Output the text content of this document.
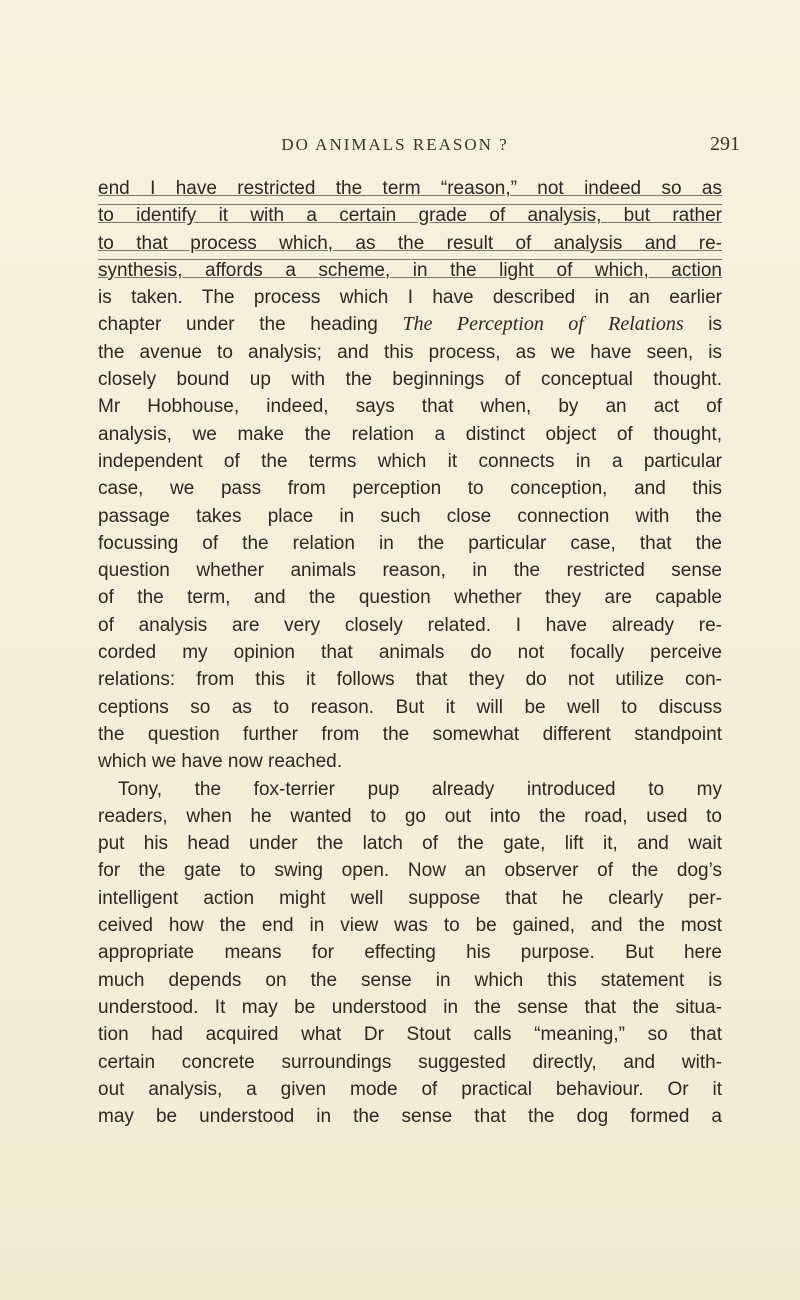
DO ANIMALS REASON ?	291
end I have restricted the term “reason,” not indeed so as
to identify it with a certain grade of analysis, but rather
to that process which, as the result of analysis and re-
synthesis, affords a scheme, in the light of which, action
is taken. The process which I have described in an earlier
chapter under the heading The Perception of Relations is
the avenue to analysis; and this process, as we have seen, is
closely bound up with the beginnings of conceptual thought.
Mr Hobhouse, indeed, says that when, by an act of
analysis, we make the relation a distinct object of thought,
independent of the terms which it connects in a particular
case, we pass from perception to conception, and this
passage takes place in such close connection with the
focussing of the relation in the particular case, that the
question whether animals reason, in the restricted sense
of the term, and the question whether they are capable
of analysis are very closely related. I have already re-
corded my opinion that animals do not focally perceive
relations: from this it follows that they do not utilize con-
ceptions so as to reason. But it will be well to discuss
the question further from the somewhat different standpoint
which we have now reached.
Tony, the fox-terrier pup already introduced to my
readers, when he wanted to go out into the road, used to
put his head under the latch of the gate, lift it, and wait
for the gate to swing open. Now an observer of the dog’s
intelligent action might well suppose that he clearly per-
ceived how the end in view was to be gained, and the most
appropriate means for effecting his purpose. But here
much depends on the sense in which this statement is
understood. It may be understood in the sense that the situa-
tion had acquired what Dr Stout calls “meaning,” so that
certain concrete surroundings suggested directly, and with-
out analysis, a given mode of practical behaviour. Or it
may be understood in the sense that the dog formed a
